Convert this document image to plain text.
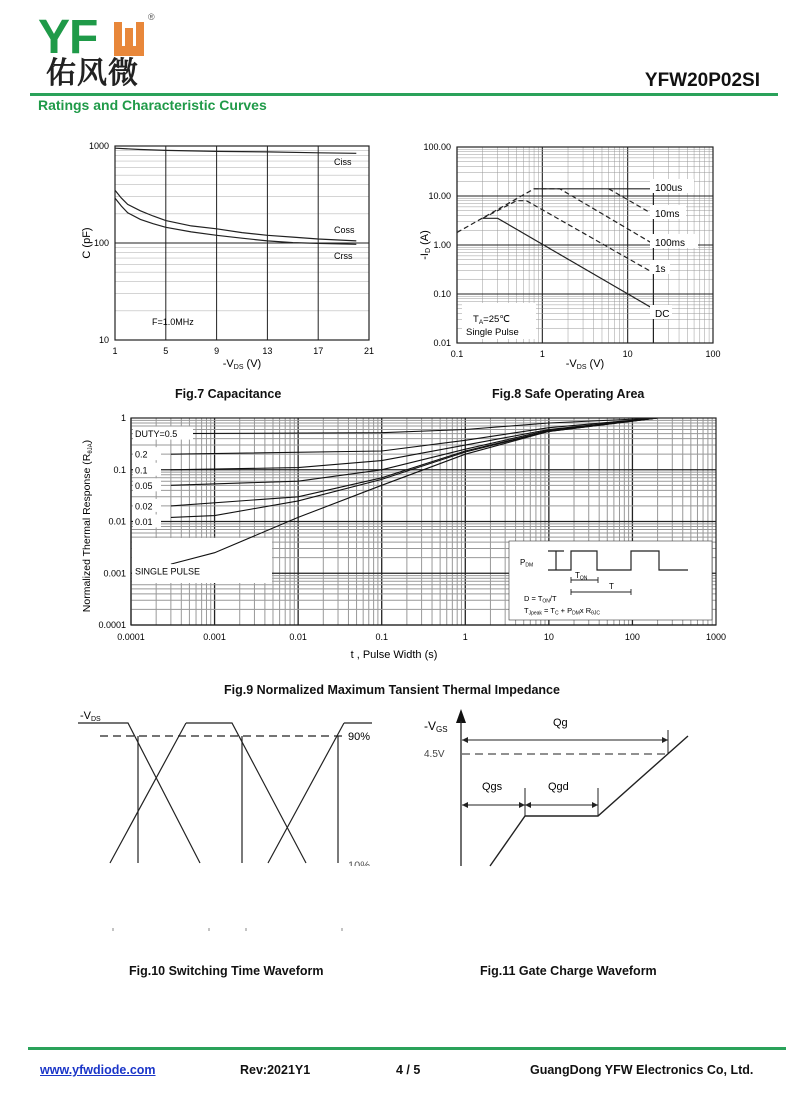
YF	®
佑风微	YFW20P02SI
Ratings and Characteristic Curves
1	5	9	13	17	21
10
100
1000
F=1.0MHz
Ciss
Coss
Crss
C (pF)
-VDS (V)
0.1	1	10	100
0.01
0.10
1.00
10.00
100.00
100us
10ms
100ms
1s
DC
$T_A=25℃$
Single Pulse
-ID (A)
-VDS (V)
Fig.7 Capacitance	Fig.8 Safe Operating Area
0.0001	0.001	0.01	0.1	1	10	100	1000
0.0001
0.001
0.01
0.1
1
DUTY=0.5
0.2
0.1
0.05
0.02
0.01
SINGLE PULSE
PDM
TON
T
$D = T_{ON}/T$
$T_{Jpeak} = T_C + P_{DM}x$ $R_{\theta JC}$
Normalized Thermal Response (RθJA)
t , Pulse Width (s)
Fig.9 Normalized Maximum Tansient Thermal Impedance
-VDS
90%
-VGS
Qg
4.5V
Qgs	Qgd
Fig.10 Switching Time Waveform	Fig.11 Gate Charge Waveform
www.yfwdiode.com	Rev:2021Y1	4 / 5	GuangDong YFW Electronics Co, Ltd.
